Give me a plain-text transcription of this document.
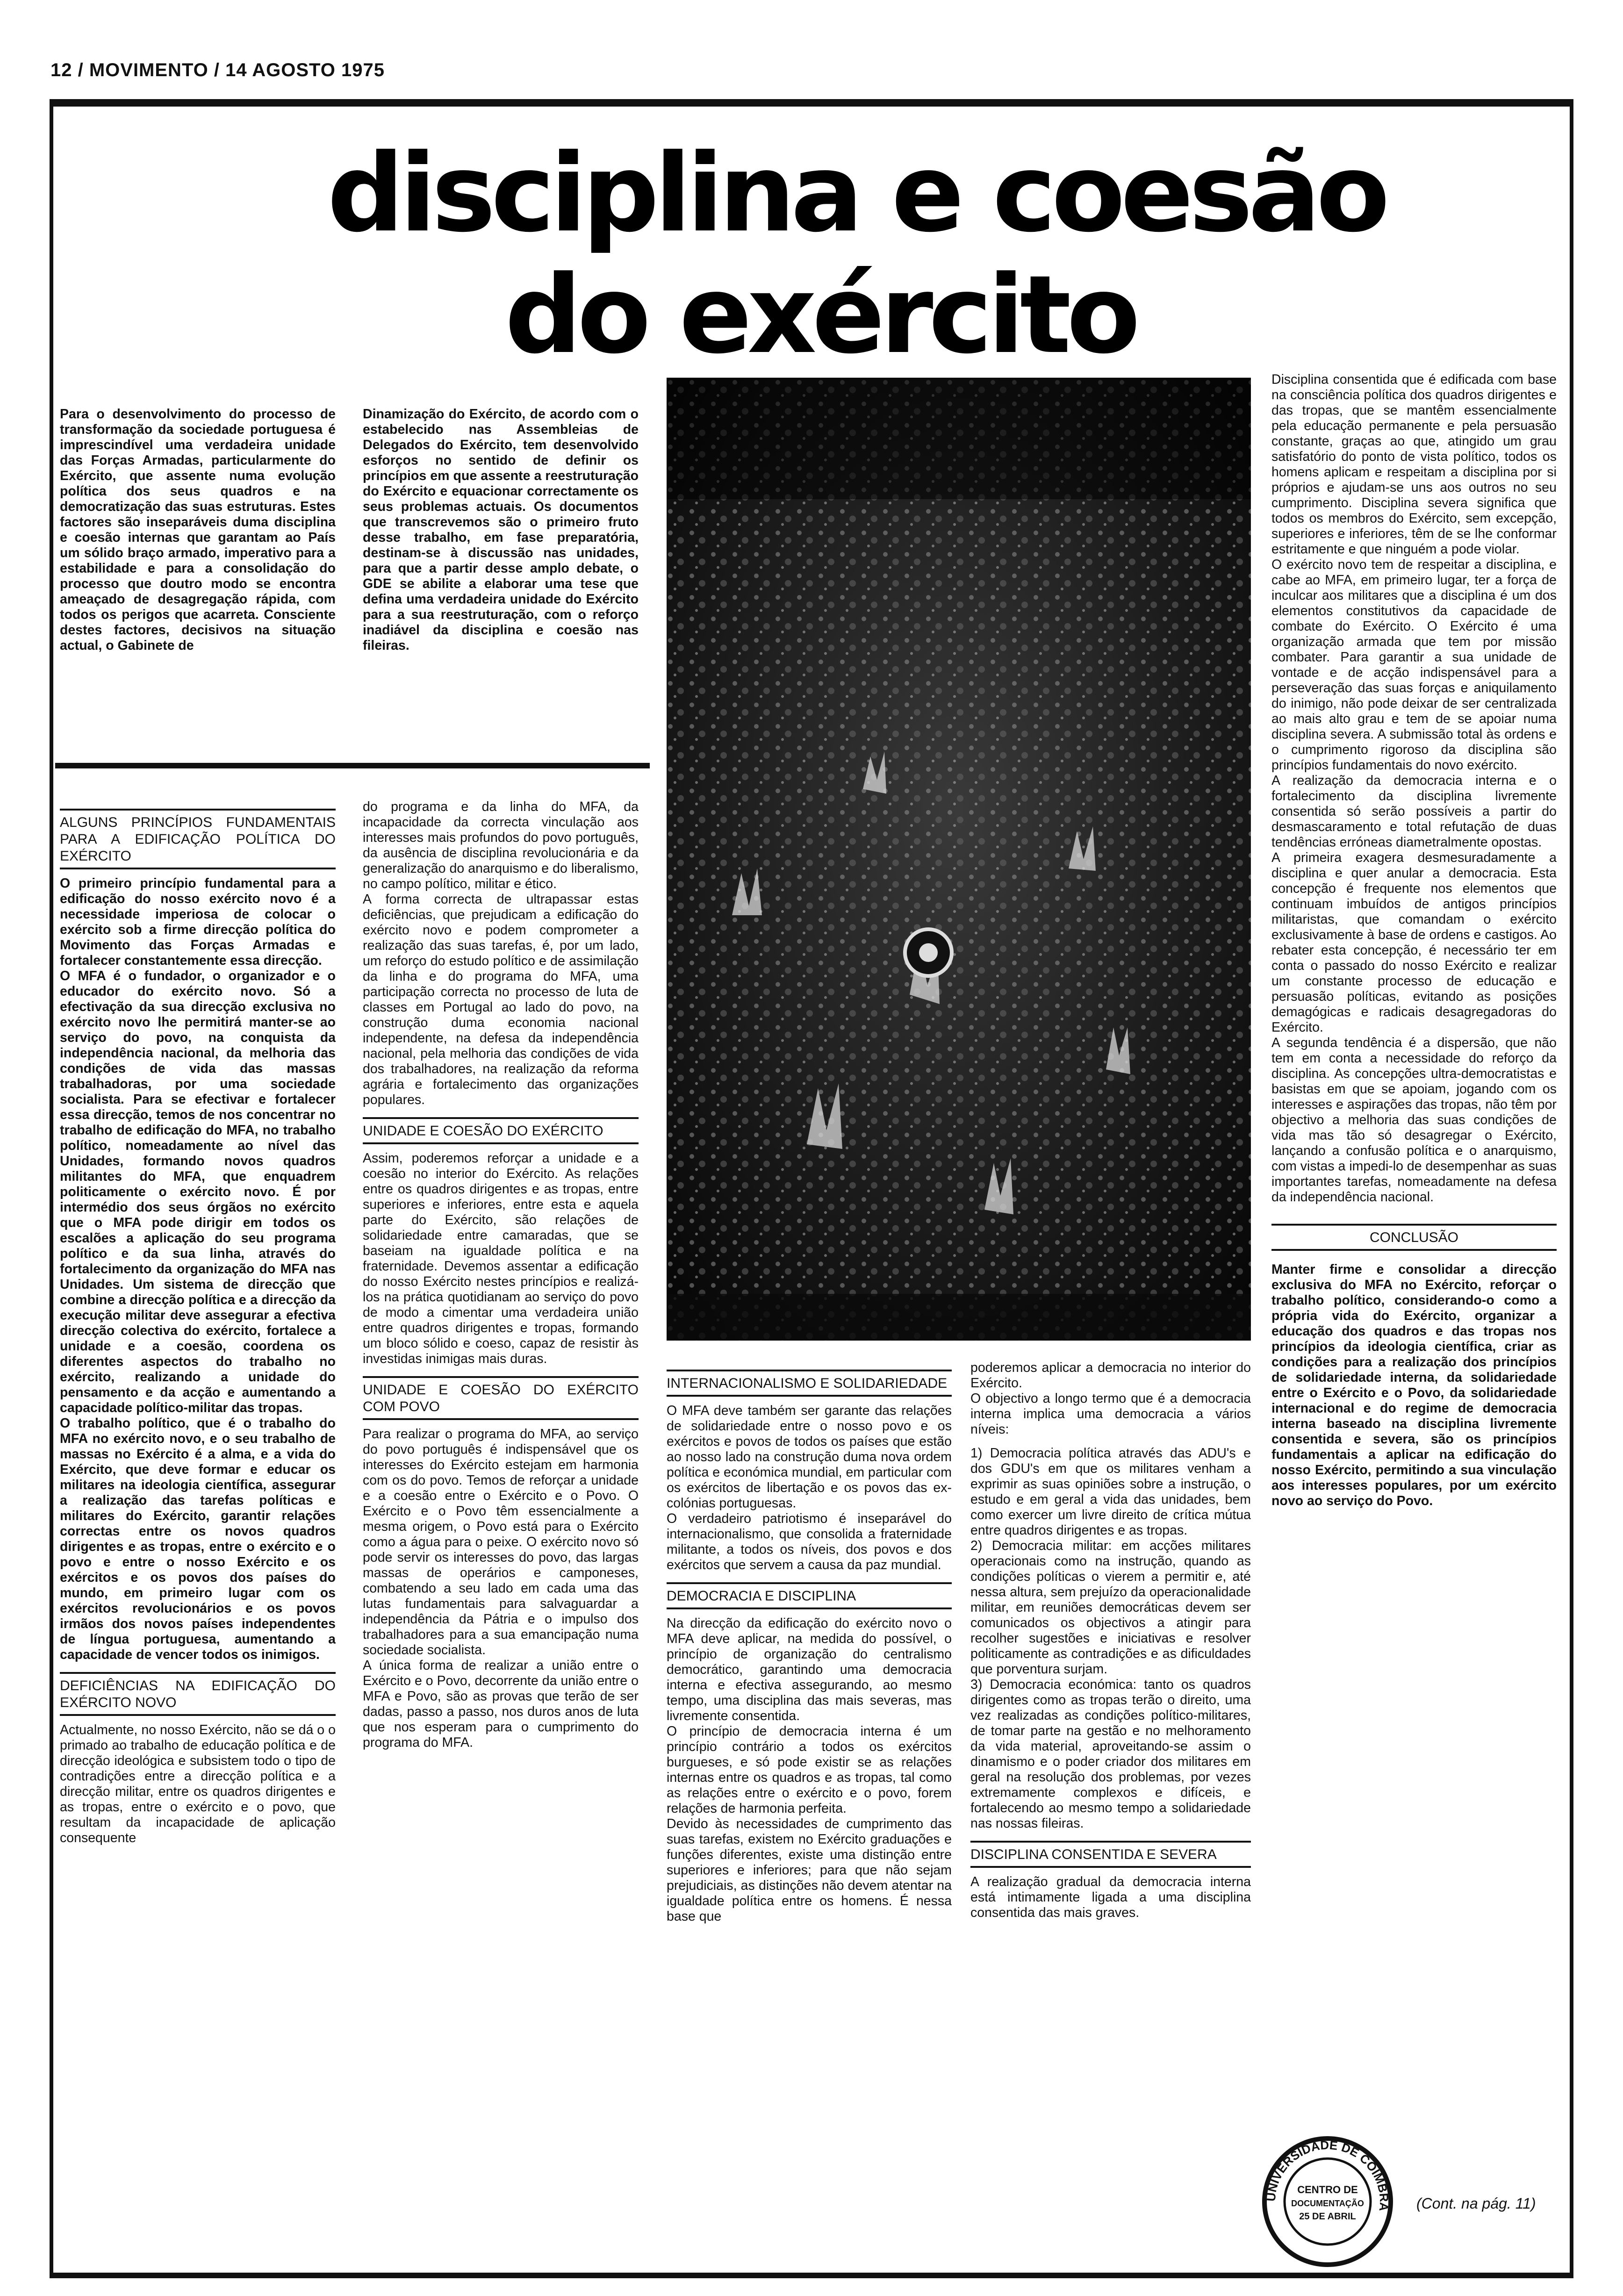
12 / MOVIMENTO / 14 AGOSTO 1975
disciplina e coesão
do exército

Para o desenvolvimento do processo de transformação da sociedade portuguesa é imprescindível uma verdadeira unidade das Forças Armadas, particularmente do Exército, que assente numa evolução política dos seus quadros e na democratização das suas estruturas. Estes factores são inseparáveis duma disciplina e coesão internas que garantam ao País um sólido braço armado, imperativo para a estabilidade e para a consolidação do processo que doutro modo se encontra ameaçado de desagregação rápida, com todos os perigos que acarreta. Consciente destes factores, decisivos na situação actual, o Gabinete de

Dinamização do Exército, de acordo com o estabelecido nas Assembleias de Delegados do Exército, tem desenvolvido esforços no sentido de definir os princípios em que assente a reestruturação do Exército e equacionar correctamente os seus problemas actuais. Os documentos que transcrevemos são o primeiro fruto desse trabalho, em fase preparatória, destinam-se à discussão nas unidades, para que a partir desse amplo debate, o GDE se abilite a elaborar uma tese que defina uma verdadeira unidade do Exército para a sua reestruturação, com o reforço inadiável da disciplina e coesão nas fileiras.

ALGUNS PRINCÍPIOS FUNDAMENTAIS PARA A EDIFICAÇÃO POLÍTICA DO EXÉRCITO

O primeiro princípio fundamental para a edificação do nosso exército novo é a necessidade imperiosa de colocar o exército sob a firme direcção política do Movimento das Forças Armadas e fortalecer constantemente essa direcção.

O MFA é o fundador, o organizador e o educador do exército novo. Só a efectivação da sua direcção exclusiva no exército novo lhe permitirá manter-se ao serviço do povo, na conquista da independência nacional, da melhoria das condições de vida das massas trabalhadoras, por uma sociedade socialista. Para se efectivar e fortalecer essa direcção, temos de nos concentrar no trabalho de edificação do MFA, no trabalho político, nomeadamente ao nível das Unidades, formando novos quadros militantes do MFA, que enquadrem politicamente o exército novo. É por intermédio dos seus órgãos no exército que o MFA pode dirigir em todos os escalões a aplicação do seu programa político e da sua linha, através do fortalecimento da organização do MFA nas Unidades. Um sistema de direcção que combine a direcção política e a direcção da execução militar deve assegurar a efectiva direcção colectiva do exército, fortalece a unidade e a coesão, coordena os diferentes aspectos do trabalho no exército, realizando a unidade do pensamento e da acção e aumentando a capacidade político-militar das tropas.

O trabalho político, que é o trabalho do MFA no exército novo, e o seu trabalho de massas no Exército é a alma, e a vida do Exército, que deve formar e educar os militares na ideologia científica, assegurar a realização das tarefas políticas e militares do Exército, garantir relações correctas entre os novos quadros dirigentes e as tropas, entre o exército e o povo e entre o nosso Exército e os exércitos e os povos dos países do mundo, em primeiro lugar com os exércitos revolucionários e os povos irmãos dos novos países independentes de língua portuguesa, aumentando a capacidade de vencer todos os inimigos.

DEFICIÊNCIAS NA EDIFICAÇÃO DO EXÉRCITO NOVO

Actualmente, no nosso Exército, não se dá o o primado ao trabalho de educação política e de direcção ideológica e subsistem todo o tipo de contradições entre a direcção política e a direcção militar, entre os quadros dirigentes e as tropas, entre o exército e o povo, que resultam da incapacidade de aplicação consequente

do programa e da linha do MFA, da incapacidade da correcta vinculação aos interesses mais profundos do povo português, da ausência de disciplina revolucionária e da generalização do anarquismo e do liberalismo, no campo político, militar e ético.

A forma correcta de ultrapassar estas deficiências, que prejudicam a edificação do exército novo e podem comprometer a realização das suas tarefas, é, por um lado, um reforço do estudo político e de assimilação da linha e do programa do MFA, uma participação correcta no processo de luta de classes em Portugal ao lado do povo, na construção duma economia nacional independente, na defesa da independência nacional, pela melhoria das condições de vida dos trabalhadores, na realização da reforma agrária e fortalecimento das organizações populares.

UNIDADE E COESÃO DO EXÉRCITO

Assim, poderemos reforçar a unidade e a coesão no interior do Exército. As relações entre os quadros dirigentes e as tropas, entre superiores e inferiores, entre esta e aquela parte do Exército, são relações de solidariedade entre camaradas, que se baseiam na igualdade política e na fraternidade. Devemos assentar a edificação do nosso Exército nestes princípios e realizá-los na prática quotidianam ao serviço do povo de modo a cimentar uma verdadeira união entre quadros dirigentes e tropas, formando um bloco sólido e coeso, capaz de resistir às investidas inimigas mais duras.

UNIDADE E COESÃO DO EXÉRCITO COM POVO

Para realizar o programa do MFA, ao serviço do povo português é indispensável que os interesses do Exército estejam em harmonia com os do povo. Temos de reforçar a unidade e a coesão entre o Exército e o Povo. O Exército e o Povo têm essencialmente a mesma origem, o Povo está para o Exército como a água para o peixe. O exército novo só pode servir os interesses do povo, das largas massas de operários e camponeses, combatendo a seu lado em cada uma das lutas fundamentais para salvaguardar a independência da Pátria e o impulso dos trabalhadores para a sua emancipação numa sociedade socialista.

A única forma de realizar a união entre o Exército e o Povo, decorrente da união entre o MFA e Povo, são as provas que terão de ser dadas, passo a passo, nos duros anos de luta que nos esperam para o cumprimento do programa do MFA.

INTERNACIONALISMO E SOLIDARIEDADE

O MFA deve também ser garante das relações de solidariedade entre o nosso povo e os exércitos e povos de todos os países que estão ao nosso lado na construção duma nova ordem política e económica mundial, em particular com os exércitos de libertação e os povos das ex-colónias portuguesas.

O verdadeiro patriotismo é inseparável do internacionalismo, que consolida a fraternidade militante, a todos os níveis, dos povos e dos exércitos que servem a causa da paz mundial.

DEMOCRACIA E DISCIPLINA

Na direcção da edificação do exército novo o MFA deve aplicar, na medida do possível, o princípio de organização do centralismo democrático, garantindo uma democracia interna e efectiva assegurando, ao mesmo tempo, uma disciplina das mais severas, mas livremente consentida.

O princípio de democracia interna é um princípio contrário a todos os exércitos burgueses, e só pode existir se as relações internas entre os quadros e as tropas, tal como as relações entre o exército e o povo, forem relações de harmonia perfeita.

Devido às necessidades de cumprimento das suas tarefas, existem no Exército graduações e funções diferentes, existe uma distinção entre superiores e inferiores; para que não sejam prejudiciais, as distinções não devem atentar na igualdade política entre os homens. É nessa base que

poderemos aplicar a democracia no interior do Exército.

O objectivo a longo termo que é a democracia interna implica uma democracia a vários níveis:

1) Democracia política através das ADU's e dos GDU's em que os militares venham a exprimir as suas opiniões sobre a instrução, o estudo e em geral a vida das unidades, bem como exercer um livre direito de crítica mútua entre quadros dirigentes e as tropas.

2) Democracia militar: em acções militares operacionais como na instrução, quando as condições políticas o vierem a permitir e, até nessa altura, sem prejuízo da operacionalidade militar, em reuniões democráticas devem ser comunicados os objectivos a atingir para recolher sugestões e iniciativas e resolver politicamente as contradições e as dificuldades que porventura surjam.

3) Democracia económica: tanto os quadros dirigentes como as tropas terão o direito, uma vez realizadas as condições político-militares, de tomar parte na gestão e no melhoramento da vida material, aproveitando-se assim o dinamismo e o poder criador dos militares em geral na resolução dos problemas, por vezes extremamente complexos e difíceis, e fortalecendo ao mesmo tempo a solidariedade nas nossas fileiras.

DISCIPLINA CONSENTIDA E SEVERA

A realização gradual da democracia interna está intimamente ligada a uma disciplina consentida das mais graves.

Disciplina consentida que é edificada com base na consciência política dos quadros dirigentes e das tropas, que se mantêm essencialmente pela educação permanente e pela persuasão constante, graças ao que, atingido um grau satisfatório do ponto de vista político, todos os homens aplicam e respeitam a disciplina por si próprios e ajudam-se uns aos outros no seu cumprimento. Disciplina severa significa que todos os membros do Exército, sem excepção, superiores e inferiores, têm de se lhe conformar estritamente e que ninguém a pode violar.

O exército novo tem de respeitar a disciplina, e cabe ao MFA, em primeiro lugar, ter a força de inculcar aos militares que a disciplina é um dos elementos constitutivos da capacidade de combate do Exército. O Exército é uma organização armada que tem por missão combater. Para garantir a sua unidade de vontade e de acção indispensável para a perseveração das suas forças e aniquilamento do inimigo, não pode deixar de ser centralizada ao mais alto grau e tem de se apoiar numa disciplina severa. A submissão total às ordens e o cumprimento rigoroso da disciplina são princípios fundamentais do novo exército.

A realização da democracia interna e o fortalecimento da disciplina livremente consentida só serão possíveis a partir do desmascaramento e total refutação de duas tendências erróneas diametralmente opostas.

A primeira exagera desmesuradamente a disciplina e quer anular a democracia. Esta concepção é frequente nos elementos que continuam imbuídos de antigos princípios militaristas, que comandam o exército exclusivamente à base de ordens e castigos. Ao rebater esta concepção, é necessário ter em conta o passado do nosso Exército e realizar um constante processo de educação e persuasão políticas, evitando as posições demagógicas e radicais desagregadoras do Exército.

A segunda tendência é a dispersão, que não tem em conta a necessidade do reforço da disciplina. As concepções ultra-democratistas e basistas em que se apoiam, jogando com os interesses e aspirações das tropas, não têm por objectivo a melhoria das suas condições de vida mas tão só desagregar o Exército, lançando a confusão política e o anarquismo, com vistas a impedi-lo de desempenhar as suas importantes tarefas, nomeadamente na defesa da independência nacional.

CONCLUSÃO

Manter firme e consolidar a direcção exclusiva do MFA no Exército, reforçar o trabalho político, considerando-o como a própria vida do Exército, organizar a educação dos quadros e das tropas nos princípios da ideologia científica, criar as condições para a realização dos princípios de solidariedade interna, da solidariedade entre o Exército e o Povo, da solidariedade internacional e do regime de democracia interna baseado na disciplina livremente consentida e severa, são os princípios fundamentais a aplicar na edificação do nosso Exército, permitindo a sua vinculação aos interesses populares, por um exército novo ao serviço do Povo.

(Cont. na pág. 11)
UNIVERSIDADE DE COIMBRA
CENTRO DE
DOCUMENTAÇÃO
25 DE ABRIL
